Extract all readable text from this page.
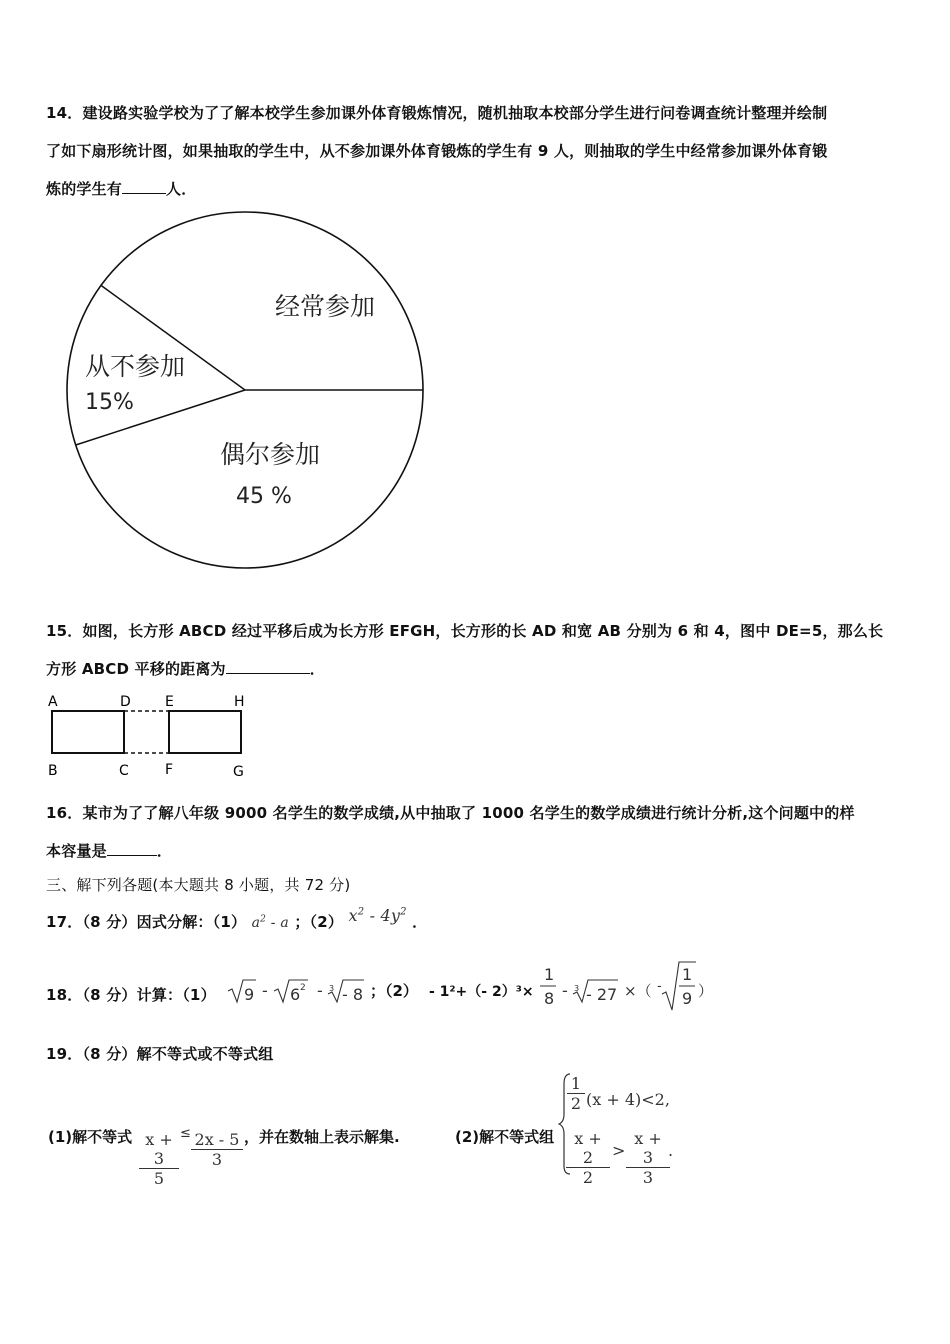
14．建设路实验学校为了了解本校学生参加课外体育锻炼情况，随机抽取本校部分学生进行问卷调查统计整理并绘制
了如下扇形统计图，如果抽取的学生中，从不参加课外体育锻炼的学生有 9 人，则抽取的学生中经常参加课外体育锻
炼的学生有	人．
经常参加
从不参加
15%
偶尔参加
45 %
15．如图，长方形 ABCD 经过平移后成为长方形 EFGH，长方形的长 AD 和宽 AB 分别为 6 和 4，图中 DE=5，那么长
方形 ABCD 平移的距离为	．
A	D E	H
B	C	F	G
16．某市为了了解八年级 9000 名学生的数学成绩,从中抽取了 1000 名学生的数学成绩进行统计分析,这个问题中的样
本容量是	．
三、解下列各题(本大题共 8 小题，共 72 分)
17．（8 分）因式分解：（1） $a^2$ - a ；（2） $x^2 - 4y^2$ ．
18．（8 分）计算：（1） 9 - 6 2 - 3 - 8 ；（2） - 1²+（- 2）³×
1
8 - 3 - 27 ×（ -
1
9 ）
19．（8 分）解不等式或不等式组
(1)解不等式 $\frac{x + 3}{5} \le \frac{2x - 5}{3}$ ，并在数轴上表示解集.	(2)解不等式组
$\frac{1}{2} (x + 4)<2$,
$\frac{x + 2}{2} > \frac{x + 3}{3}$
.
